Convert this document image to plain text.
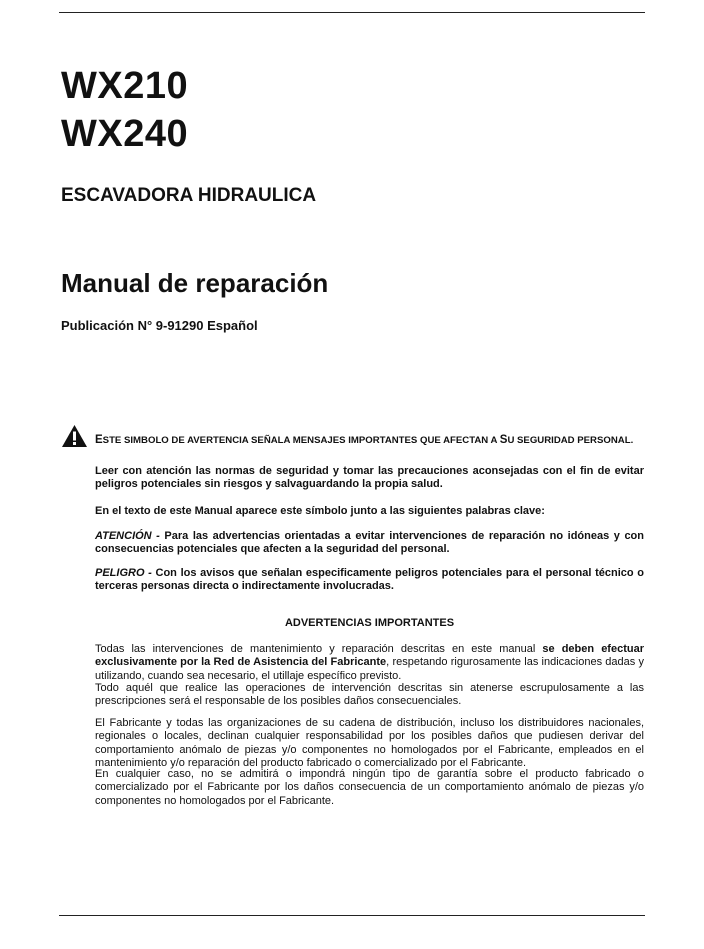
WX210
WX240
ESCAVADORA HIDRAULICA
Manual de reparación
Publicación N° 9-91290 Español
ESTE SIMBOLO DE AVERTENCIA SEÑALA MENSAJES IMPORTANTES QUE AFECTAN A SU SEGURIDAD PERSONAL.
Leer con atención las normas de seguridad y tomar las precauciones aconsejadas con el fin de evitar peligros potenciales sin riesgos y salvaguardando la propia salud.
En el texto de este Manual aparece este símbolo junto a las siguientes palabras clave:
ATENCIÓN - Para las advertencias orientadas a evitar intervenciones de reparación no idóneas y con consecuencias potenciales que afecten a la seguridad del personal.
PELIGRO - Con los avisos que señalan especificamente peligros potenciales para el personal técnico o terceras personas directa o indirectamente involucradas.
ADVERTENCIAS IMPORTANTES
Todas las intervenciones de mantenimiento y reparación descritas en este manual se deben efectuar exclusivamente por la Red de Asistencia del Fabricante, respetando rigurosamente las indicaciones dadas y utilizando, cuando sea necesario, el utillaje específico previsto.
Todo aquél que realice las operaciones de intervención descritas sin atenerse escrupulosamente a las prescripciones será el responsable de los posibles daños consecuenciales.
El Fabricante y todas las organizaciones de su cadena de distribución, incluso los distribuidores nacionales, regionales o locales, declinan cualquier responsabilidad por los posibles daños que pudiesen derivar del comportamiento anómalo de piezas y/o componentes no homologados por el Fabricante, empleados en el mantenimiento y/o reparación del producto fabricado o comercializado por el Fabricante.
En cualquier caso, no se admitirá o impondrá ningún tipo de garantía sobre el producto fabricado o comercializado por el Fabricante por los daños consecuencia de un comportamiento anómalo de piezas y/o componentes no homologados por el Fabricante.
